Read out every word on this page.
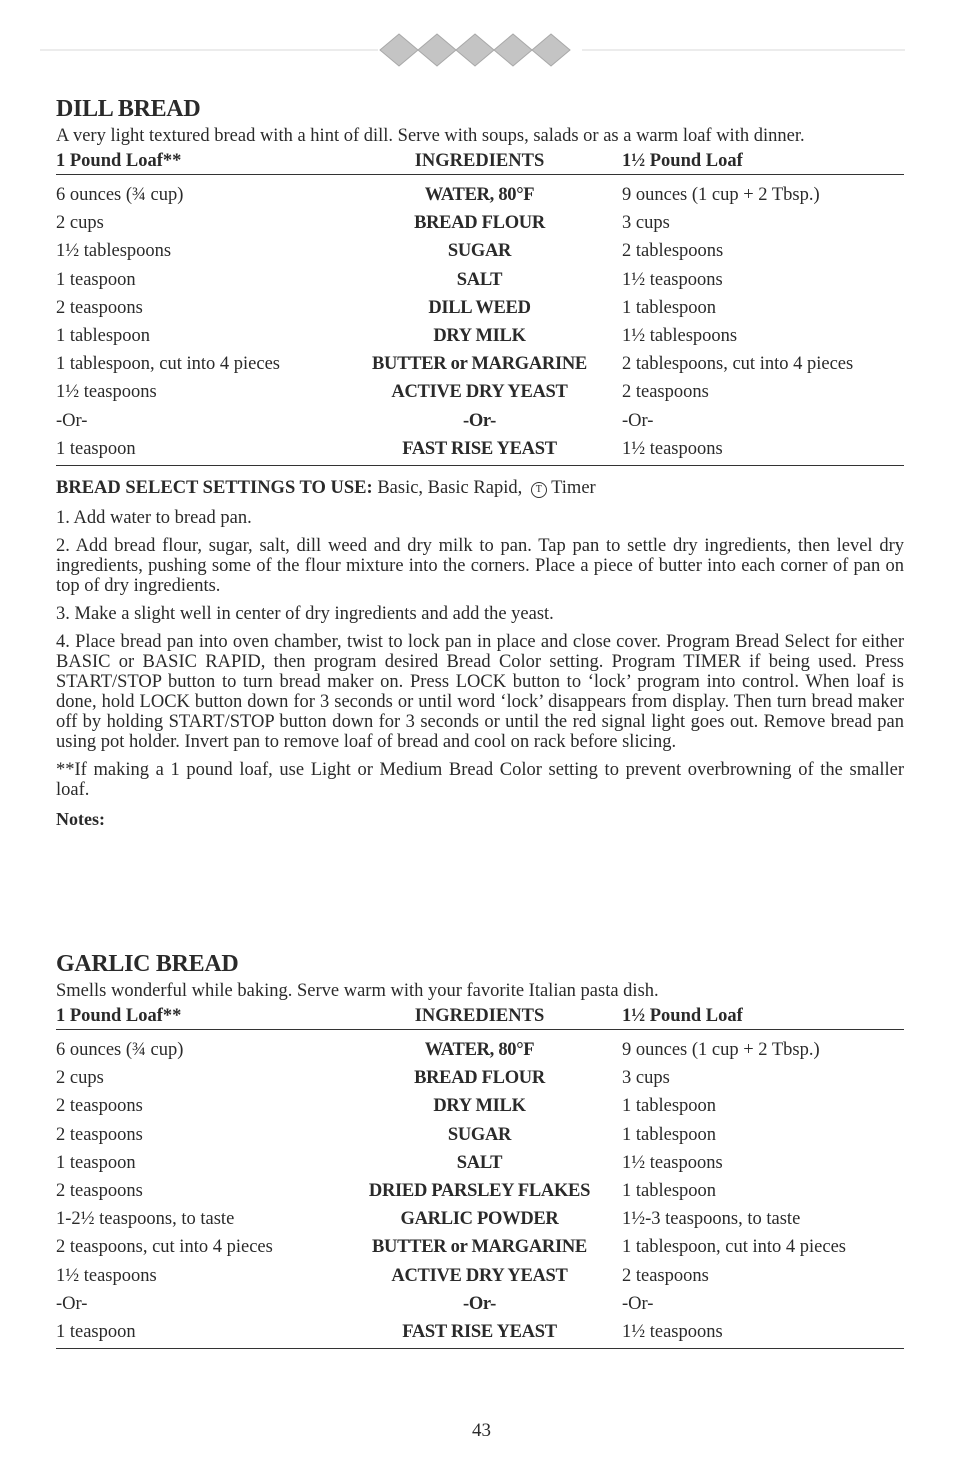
DILL BREAD

A very light textured bread with a hint of dill. Serve with soups, salads or as a warm loaf with dinner.

1 Pound Loaf**	INGREDIENTS	1½ Pound Loaf
6 ounces (¾ cup)	WATER, 80°F	9 ounces (1 cup + 2 Tbsp.)
2 cups	BREAD FLOUR	3 cups
1½ tablespoons	SUGAR	2 tablespoons
1 teaspoon	SALT	1½ teaspoons
2 teaspoons	DILL WEED	1 tablespoon
1 tablespoon	DRY MILK	1½ tablespoons
1 tablespoon, cut into 4 pieces	BUTTER or MARGARINE	2 tablespoons, cut into 4 pieces
1½ teaspoons	ACTIVE DRY YEAST	2 teaspoons
-Or-	-Or-	-Or-
1 teaspoon	FAST RISE YEAST	1½ teaspoons
BREAD SELECT SETTINGS TO USE: Basic, Basic Rapid, T Timer
1. Add water to bread pan.
2. Add bread flour, sugar, salt, dill weed and dry milk to pan. Tap pan to settle dry ingredients, then level dry ingredients, pushing some of the flour mixture into the corners. Place a piece of butter into each corner of pan on top of dry ingredients.
3. Make a slight well in center of dry ingredients and add the yeast.
4. Place bread pan into oven chamber, twist to lock pan in place and close cover. Program Bread Select for either BASIC or BASIC RAPID, then program desired Bread Color setting. Program TIMER if being used. Press START/STOP button to turn bread maker on. Press LOCK button to ‘lock’ program into control. When loaf is done, hold LOCK button down for 3 seconds or until word ‘lock’ disappears from display. Then turn bread maker off by holding START/STOP button down for 3 seconds or until the red signal light goes out. Remove bread pan using pot holder. Invert pan to remove loaf of bread and cool on rack before slicing.
**If making a 1 pound loaf, use Light or Medium Bread Color setting to prevent overbrowning of the smaller loaf.
Notes:
GARLIC BREAD

Smells wonderful while baking. Serve warm with your favorite Italian pasta dish.

1 Pound Loaf**	INGREDIENTS	1½ Pound Loaf
6 ounces (¾ cup)	WATER, 80°F	9 ounces (1 cup + 2 Tbsp.)
2 cups	BREAD FLOUR	3 cups
2 teaspoons	DRY MILK	1 tablespoon
2 teaspoons	SUGAR	1 tablespoon
1 teaspoon	SALT	1½ teaspoons
2 teaspoons	DRIED PARSLEY FLAKES	1 tablespoon
1-2½ teaspoons, to taste	GARLIC POWDER	1½-3 teaspoons, to taste
2 teaspoons, cut into 4 pieces	BUTTER or MARGARINE	1 tablespoon, cut into 4 pieces
1½ teaspoons	ACTIVE DRY YEAST	2 teaspoons
-Or-	-Or-	-Or-
1 teaspoon	FAST RISE YEAST	1½ teaspoons
43
